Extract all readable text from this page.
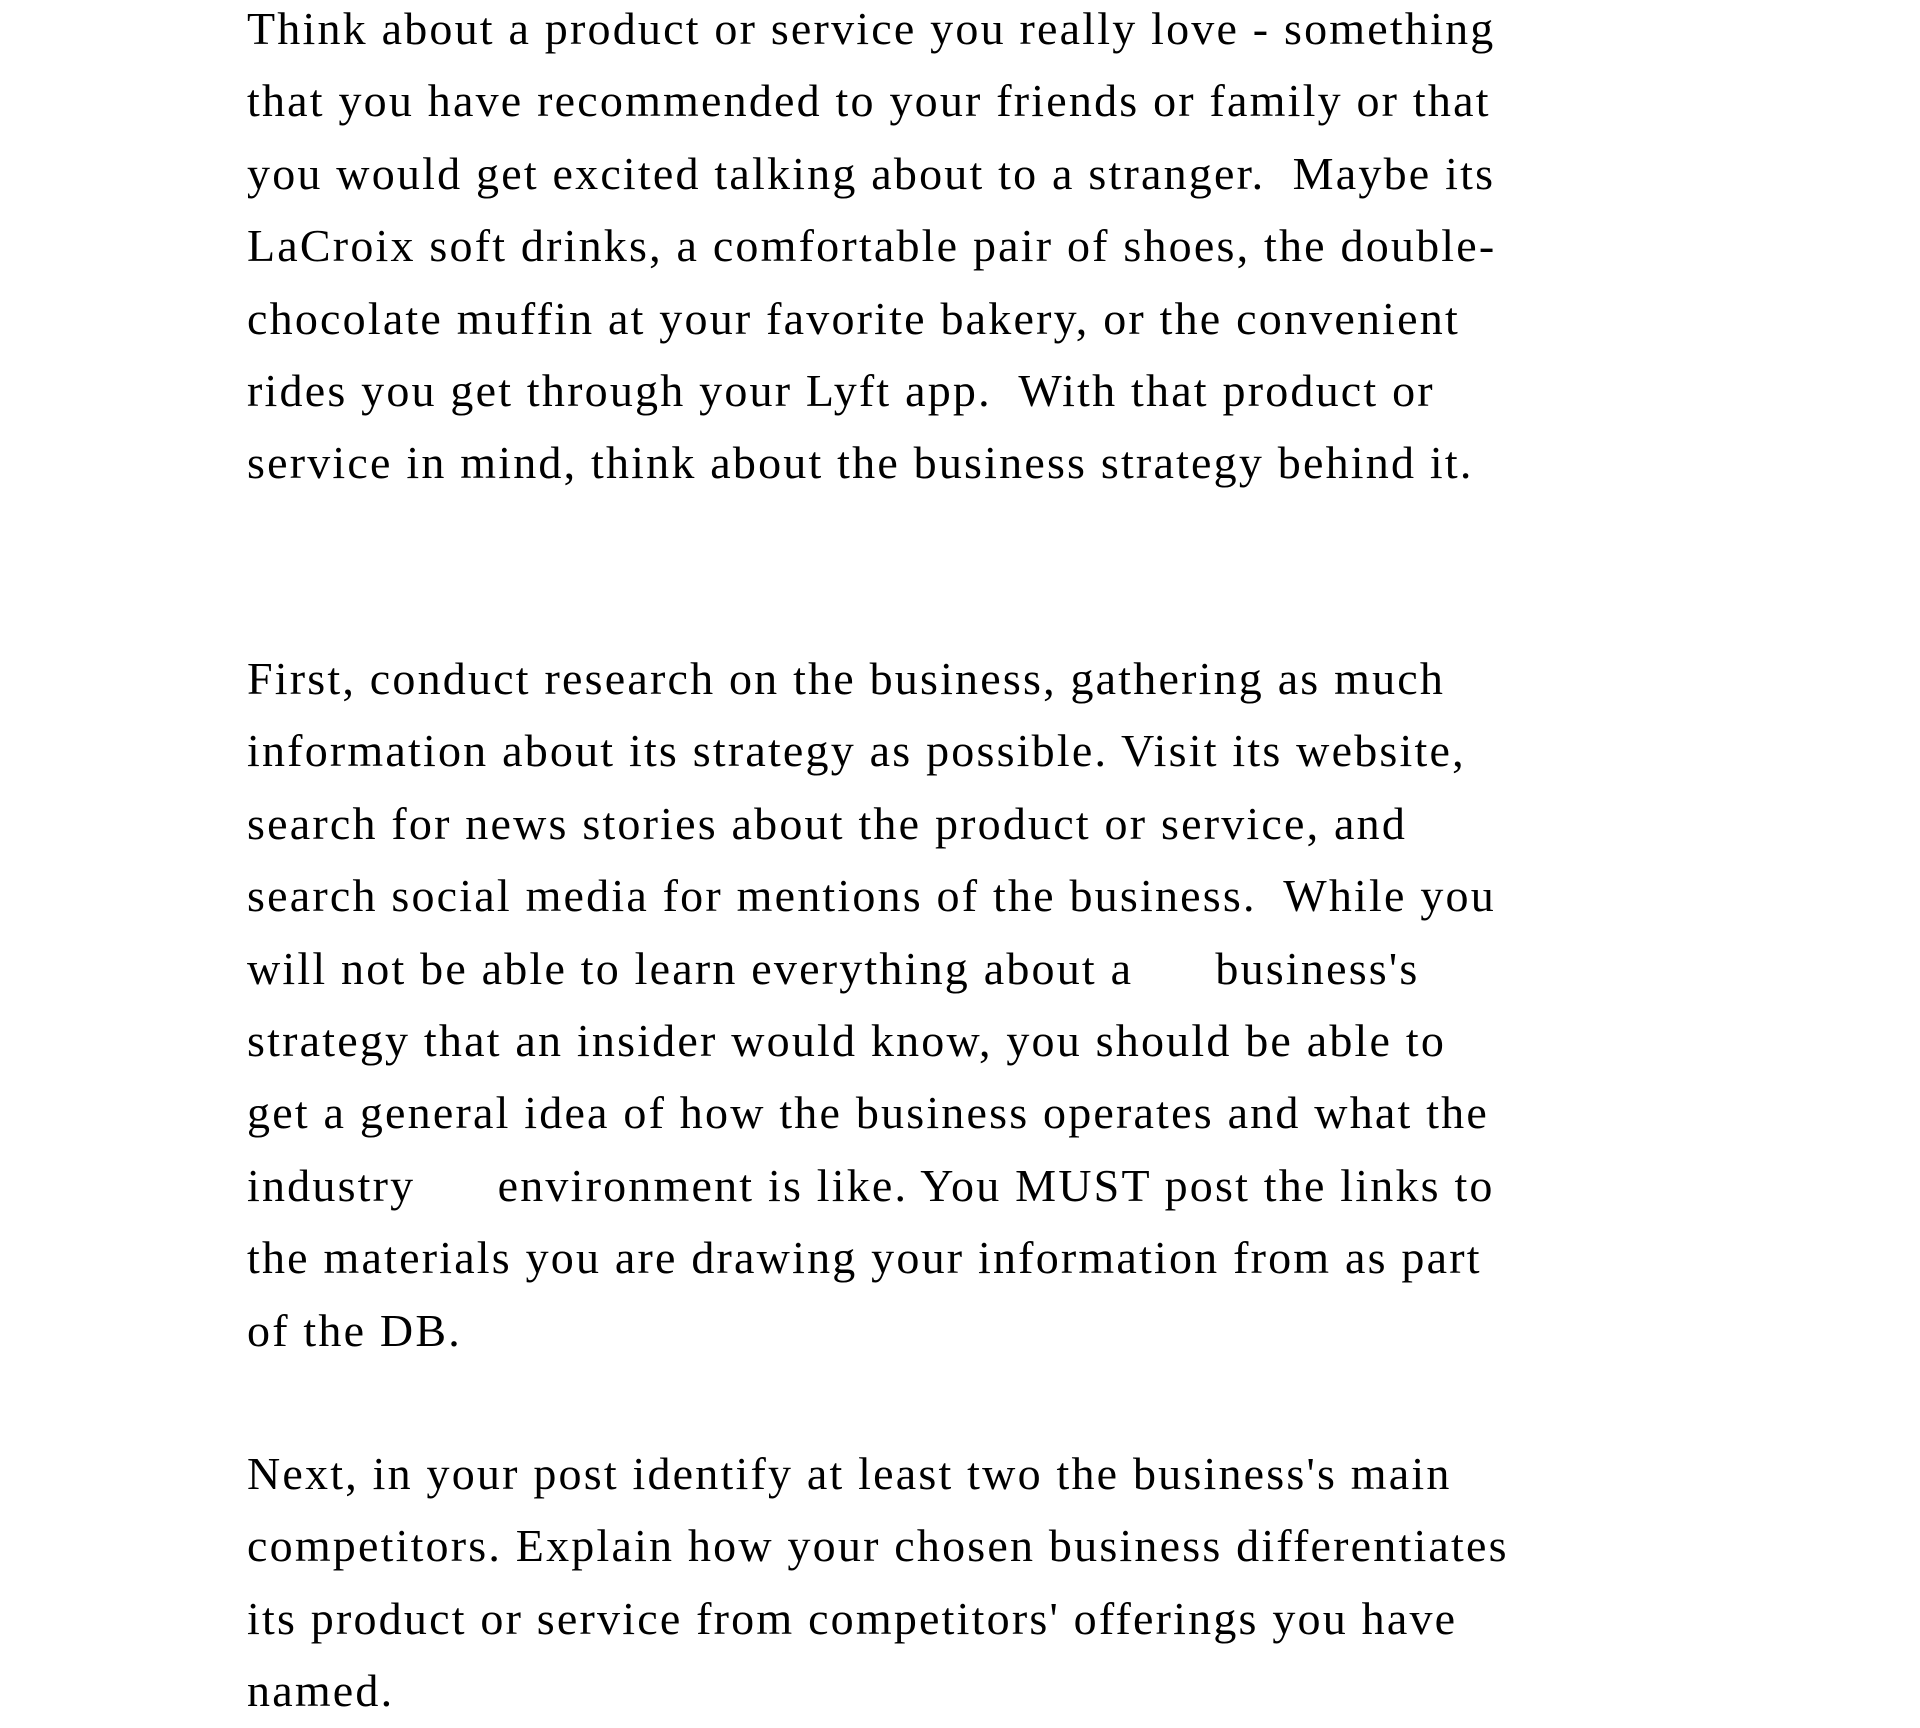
Think about a product or service you really love - something
that you have recommended to your friends or family or that
you would get excited talking about to a stranger.  Maybe its
LaCroix soft drinks, a comfortable pair of shoes, the double-
chocolate muffin at your favorite bakery, or the convenient
rides you get through your Lyft app.  With that product or
service in mind, think about the business strategy behind it.

First, conduct research on the business, gathering as much
information about its strategy as possible. Visit its website,
search for news stories about the product or service, and
search social media for mentions of the business.  While you
will not be able to learn everything about a      business's
strategy that an insider would know, you should be able to
get a general idea of how the business operates and what the
industry      environment is like. You MUST post the links to
the materials you are drawing your information from as part
of the DB.

Next, in your post identify at least two the business's main
competitors. Explain how your chosen business differentiates
its product or service from competitors' offerings you have
named.
